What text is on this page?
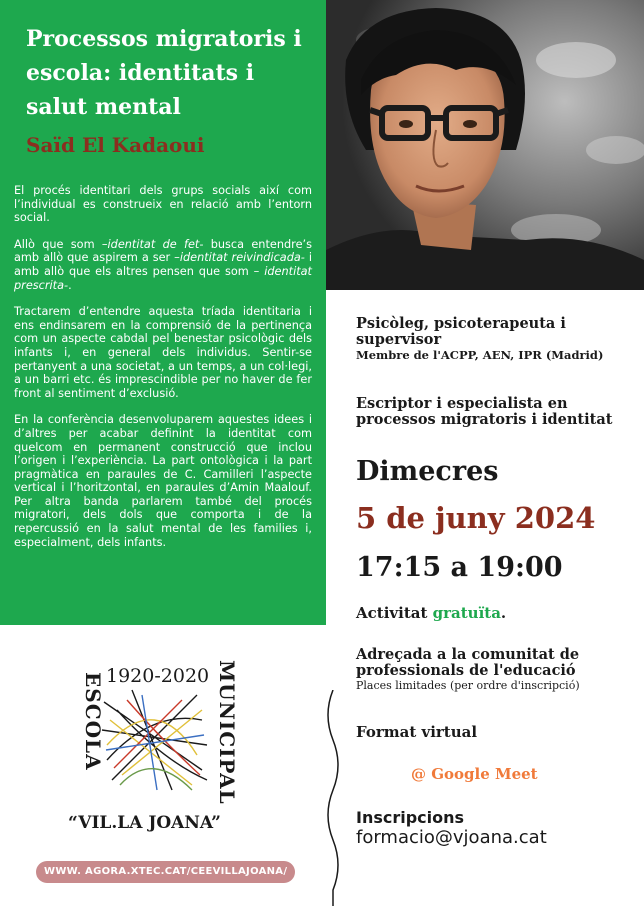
Processos migratoris i escola: identitats i salut mental
Saïd El Kadaoui

El procés identitari dels grups socials així com l’individual es construeix en relació amb l’entorn social.

Allò que som –identitat de fet- busca entendre’s amb allò que aspirem a ser –identitat reivindicada- i amb allò que els altres pensen que som – identitat prescrita-.

Tractarem d’entendre aquesta tríada identitaria i ens endinsarem en la comprensió de la pertinença com un aspecte cabdal pel benestar psicològic dels infants i, en general dels individus. Sentir-se pertanyent a una societat, a un temps, a un col·legi, a un barri etc. és imprescindible per no haver de fer front al sentiment d’exclusió.

En la conferència desenvoluparem aquestes idees i d’altres per acabar definint la identitat com quelcom en permanent construcció que inclou l’origen i l’experiència. La part ontològica i la part pragmàtica en paraules de C. Camilleri l’aspecte vertical i l’horitzontal, en paraules d’Amin Maalouf. Per altra banda parlarem també del procés migratori, dels dols que comporta i de la repercussió en la salut mental de les families i, especialment, dels infants.

Psicòleg, psicoterapeuta i supervisor
Membre de l'ACPP, AEN, IPR (Madrid)
Escriptor i especialista en processos migratoris i identitat
Dimecres
5 de juny 2024
17:15 a 19:00
Activitat gratuïta.
Adreçada a la comunitat de professionals de l'educació
Places limitades (per ordre d'inscripció)
Format virtual
@ Google Meet
Inscripcions
formacio@vjoana.cat
1920-2020
ESCOLA	MUNICIPAL
“VIL.LA JOANA”
WWW. AGORA.XTEC.CAT/CEEVILLAJOANA/
